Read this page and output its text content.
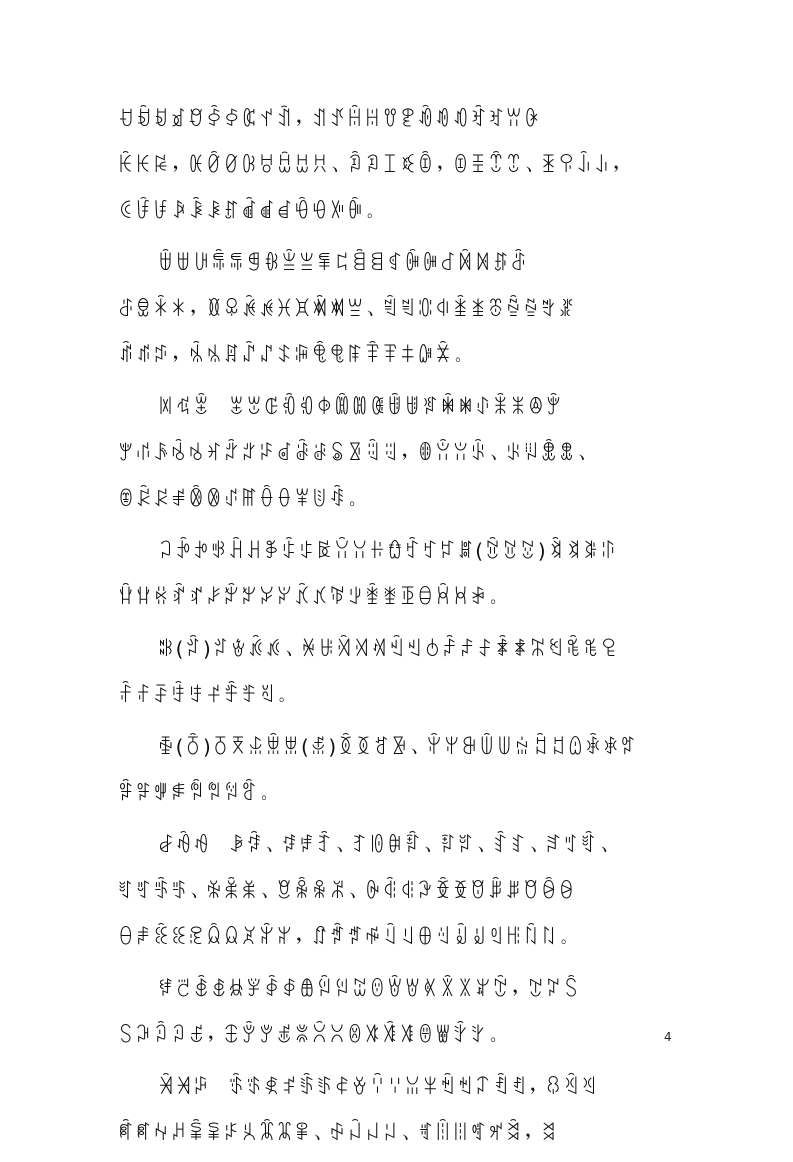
ꀀꀁꀂꀃꀄꀅꀆꀇꀈꀉ，ꀊꀋꀌꀍꀎꀏꀐꀑꀒꀓꀔꀕꀖ
ꀗꀘꀙ，ꀚꀛꀜꀝꀞꀟꀠꀡ、ꀢꀣꀤꀥꀦ，ꀧꀨꀩꀪ、ꀫꀬꀭꀮ，
ꀯꀰꀱꀲꀳꀴꀵꀶꀷꀸꀹꀺꀻꀼ。
ꁀꁁꁂꁃꁄꁅꁆꁇꁈꁉꁊꁋꁌꁍꁎꁏꁐꁑꁒꁓꁔ
ꁕꁖꁗꁘ，ꁙꁚꁛꁜꁝꁞꁟꁠꁡ、ꁢꁣꁤꁥꁦꁧꁨꁩꁪꁫꁬ
ꁭꁮꁯ，ꁰꁱꁲꁳꁴꁵꁶꁷꁸꁹꁺꁻꁼꁽꁾ。
ꂀꂁꂂ　ꂃꂄꂅꂆꂇꂈꂉꂊꂋꂌꂍꂎꂏꂐꂑꂒꂓꂔꂕ
ꂖꂗꂘꂙꂚꂛꂜꂝꂞꂟꂠꂡꂢꂣꂤꂥ，ꂦꂧꂨꂩ、ꂪꂫꂬꂭ、
ꂮꂯꂰꂱꂲꂳꂴꂵꂶꂷꂸꂹꂺ。
ꃀꃁꃂꃃꃄꃅꃆꃇꃈꃉꃊꃋꃌꃍꃎꃏꃐꃑ(ꃒꃓꃔ)ꃕꃖꃗꃘ
ꃙꃚꃛꃜꃝꃞꃟꃠꃡꃢꃣꃤꃥꃦꃧꃨꃩꃪꃫꃬꃭ。
ꄀ(ꄁ)ꄂꄃꄄꄅ、ꄆꄇꄈꄉꄊꄋꄌꄍꄎꄏꄐꄑꄒꄓꄔꄕꄖꄗ
ꄘꄙꄚꄛꄜꄝꄞꄟꄠ。
ꅀ(ꅁ)ꅂꅃꅄꅅꅆ(ꅇ)ꅈꅉꅊꅋ、ꅌꅍꅎꅏꅐꅑꅒꅓꅔꅕꅖꅗ
ꅘꅙꅚꅛꅜꅝꅞꅟ。
ꆀꆁꆂ　ꆃꆄ、ꆅꆆꆇ、ꆈꆉꆊꆋ、ꆌꆍ、ꆎꆏ、ꆐꆑꆒ、
ꆓꆔꆕꆖ、ꆗꆘꆙ、ꆚꆛꆜꆝ、ꆞꆟꆠꆡꆢꆣꆤꆥꆦꆧꆨꆩ
ꆪꆫꆬꆭꆮꆯꆰꆱꆲꆳ，ꆴꆵꆶꆷꆸꆹꆺꆻꆼꆽꆾꆿꇀꇁ。
ꇂꇃꇄꇅꇆꇇꇈꇉꇊꇋꇌꇍꇎꇏꇐꇑꇒꇓꇔꇕ，ꇖꇗꇘ
ꇙꇚꇛꇜꇝ，ꇞꇟꇠꇡꇢꇣꇤꇥꇦꇧꇨꇩꇪꇫꇬ。
ꈀꈁꈂ　ꈃꈄꈅꈆꈇꈈꈉꈊꈋꈌꈍꈎꈏꈐꈑꈒꈓ，ꈔꈕꈖ
ꈗꈘꈙꈚꈛꈜꈝꈞꈟꈠꈡ、ꈢꈣꈤꈥ、ꈦꈧꈨꈩꈪꈫ，ꈬ
4
